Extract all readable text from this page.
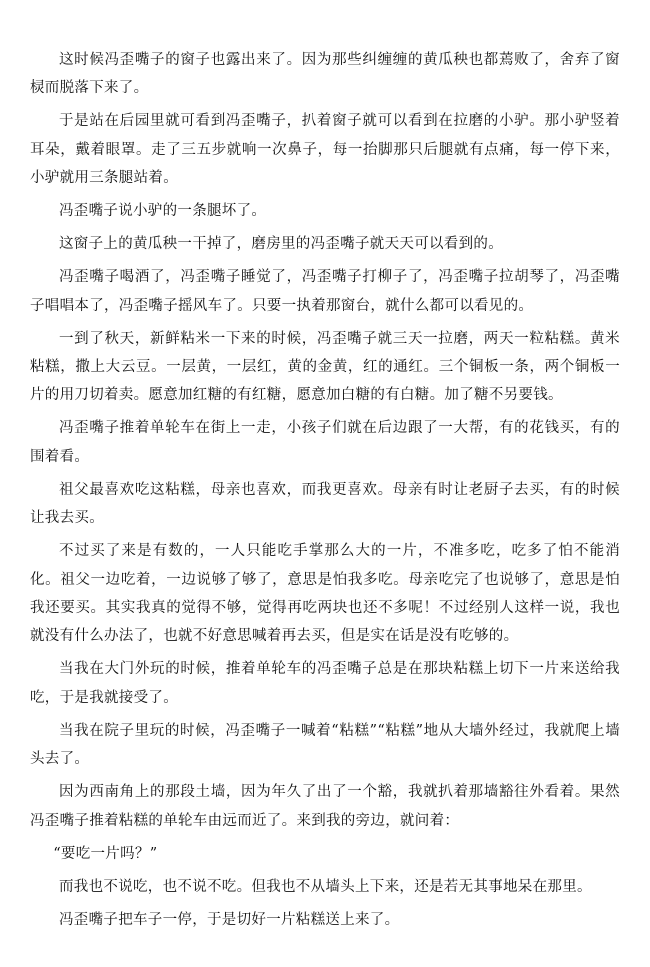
这时候冯歪嘴子的窗子也露出来了。因为那些纠缠缠的黄瓜秧也都蔫败了，舍弃了窗棂而脱落下来了。

于是站在后园里就可看到冯歪嘴子，扒着窗子就可以看到在拉磨的小驴。那小驴竖着耳朵，戴着眼罩。走了三五步就响一次鼻子，每一抬脚那只后腿就有点痛，每一停下来，小驴就用三条腿站着。

冯歪嘴子说小驴的一条腿坏了。

这窗子上的黄瓜秧一干掉了，磨房里的冯歪嘴子就天天可以看到的。

冯歪嘴子喝酒了，冯歪嘴子睡觉了，冯歪嘴子打柳子了，冯歪嘴子拉胡琴了，冯歪嘴子唱唱本了，冯歪嘴子摇风车了。只要一执着那窗台，就什么都可以看见的。

一到了秋天，新鲜粘米一下来的时候，冯歪嘴子就三天一拉磨，两天一粒粘糕。黄米粘糕，撒上大云豆。一层黄，一层红，黄的金黄，红的通红。三个铜板一条，两个铜板一片的用刀切着卖。愿意加红糖的有红糖，愿意加白糖的有白糖。加了糖不另要钱。

冯歪嘴子推着单轮车在街上一走，小孩子们就在后边跟了一大帮，有的花钱买，有的围着看。

祖父最喜欢吃这粘糕，母亲也喜欢，而我更喜欢。母亲有时让老厨子去买，有的时候让我去买。

不过买了来是有数的，一人只能吃手掌那么大的一片，不准多吃，吃多了怕不能消化。祖父一边吃着，一边说够了够了，意思是怕我多吃。母亲吃完了也说够了，意思是怕我还要买。其实我真的觉得不够，觉得再吃两块也还不多呢！不过经别人这样一说，我也就没有什么办法了，也就不好意思喊着再去买，但是实在话是没有吃够的。

当我在大门外玩的时候，推着单轮车的冯歪嘴子总是在那块粘糕上切下一片来送给我吃，于是我就接受了。

当我在院子里玩的时候，冯歪嘴子一喊着“粘糕”“粘糕”地从大墙外经过，我就爬上墙头去了。

因为西南角上的那段土墙，因为年久了出了一个豁，我就扒着那墙豁往外看着。果然冯歪嘴子推着粘糕的单轮车由远而近了。来到我的旁边，就问着：

“要吃一片吗？”

而我也不说吃，也不说不吃。但我也不从墙头上下来，还是若无其事地呆在那里。

冯歪嘴子把车子一停，于是切好一片粘糕送上来了。
